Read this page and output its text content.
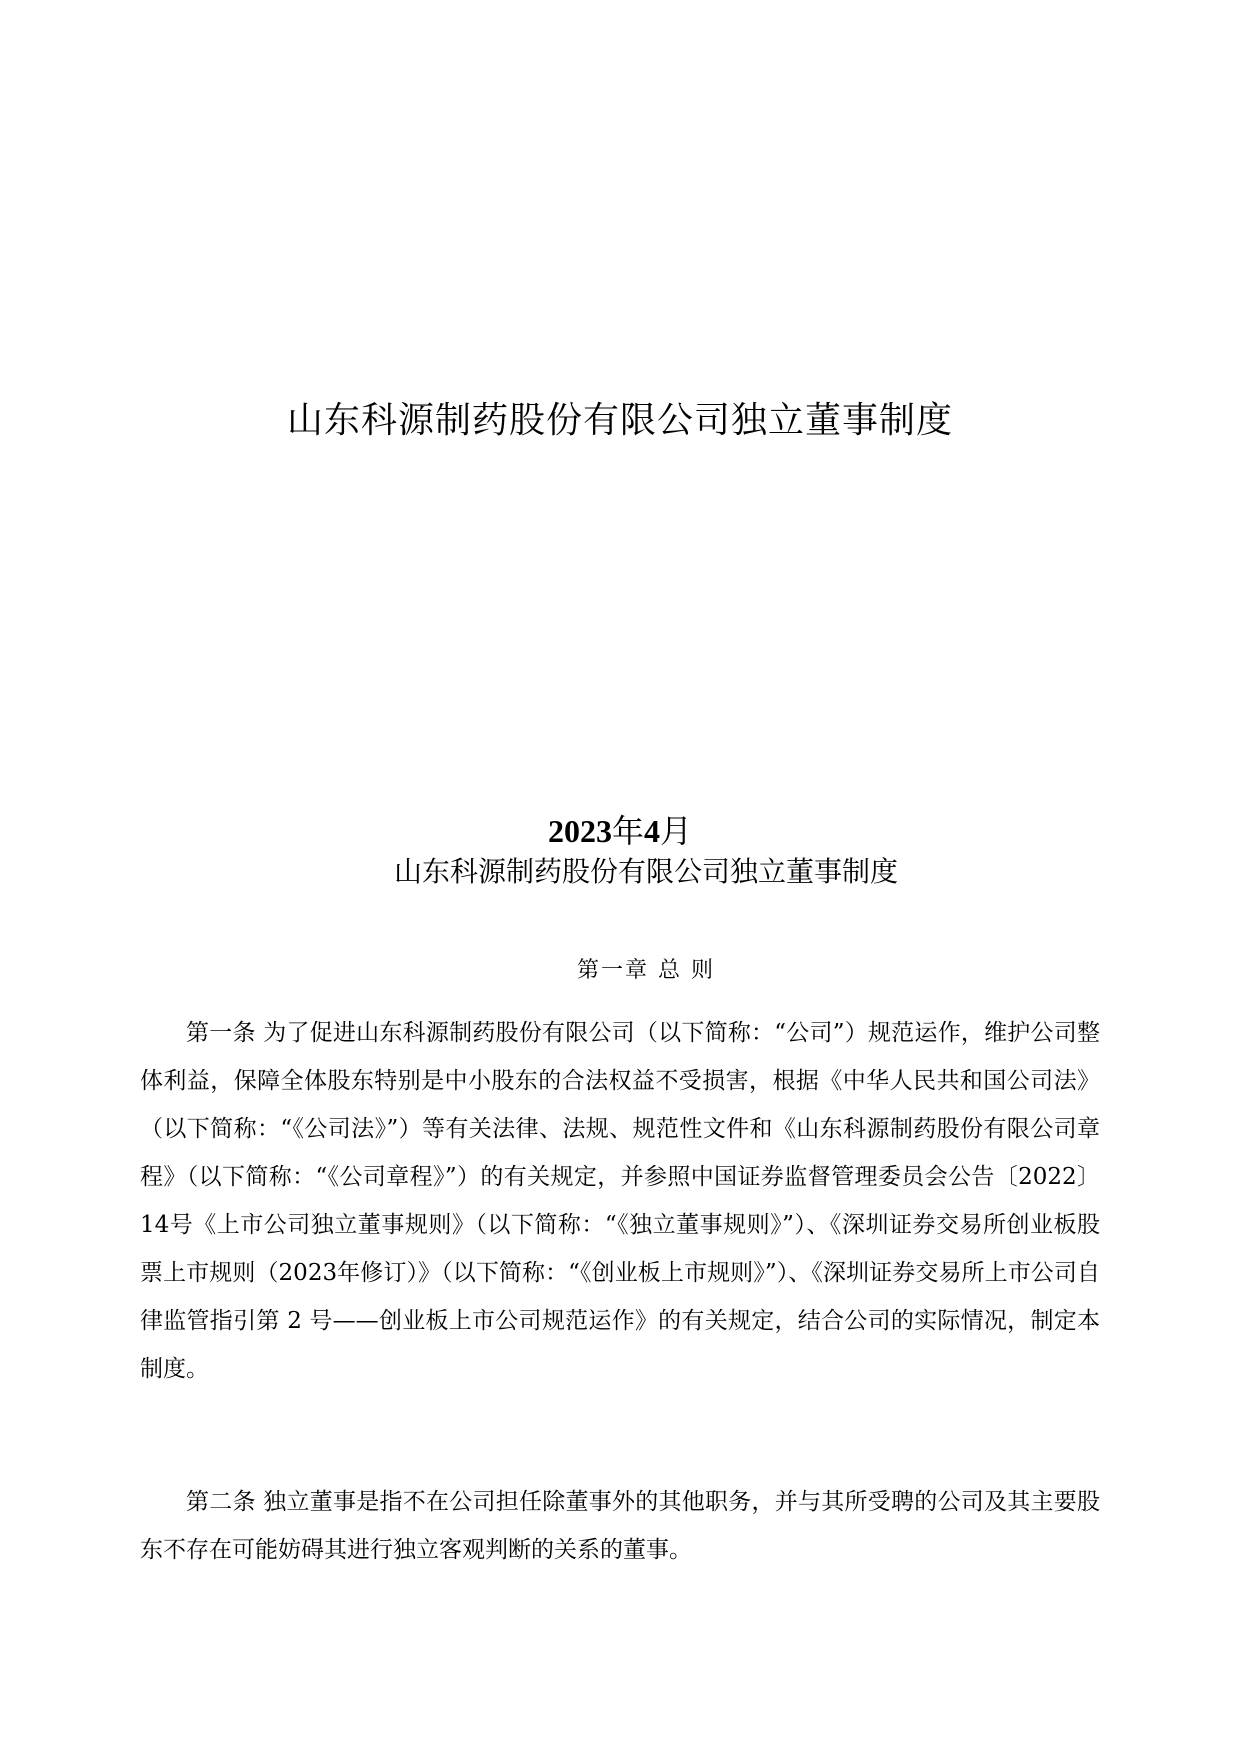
山东科源制药股份有限公司独立董事制度
2023年4月
山东科源制药股份有限公司独立董事制度
第一章 总 则

第一条 为了促进山东科源制药股份有限公司（以下简称：“公司”）规范运作，维护公司整体利益，保障全体股东特别是中小股东的合法权益不受损害，根据《中华人民共和国公司法》（以下简称：“《公司法》”）等有关法律、法规、规范性文件和《山东科源制药股份有限公司章程》（以下简称：“《公司章程》”）的有关规定，并参照中国证券监督管理委员会公告〔2022〕14号《上市公司独立董事规则》（以下简称：“《独立董事规则》”）、《深圳证券交易所创业板股票上市规则（2023年修订）》（以下简称：“《创业板上市规则》”）、《深圳证券交易所上市公司自律监管指引第 2 号——创业板上市公司规范运作》的有关规定，结合公司的实际情况，制定本制度。

第二条 独立董事是指不在公司担任除董事外的其他职务，并与其所受聘的公司及其主要股东不存在可能妨碍其进行独立客观判断的关系的董事。
